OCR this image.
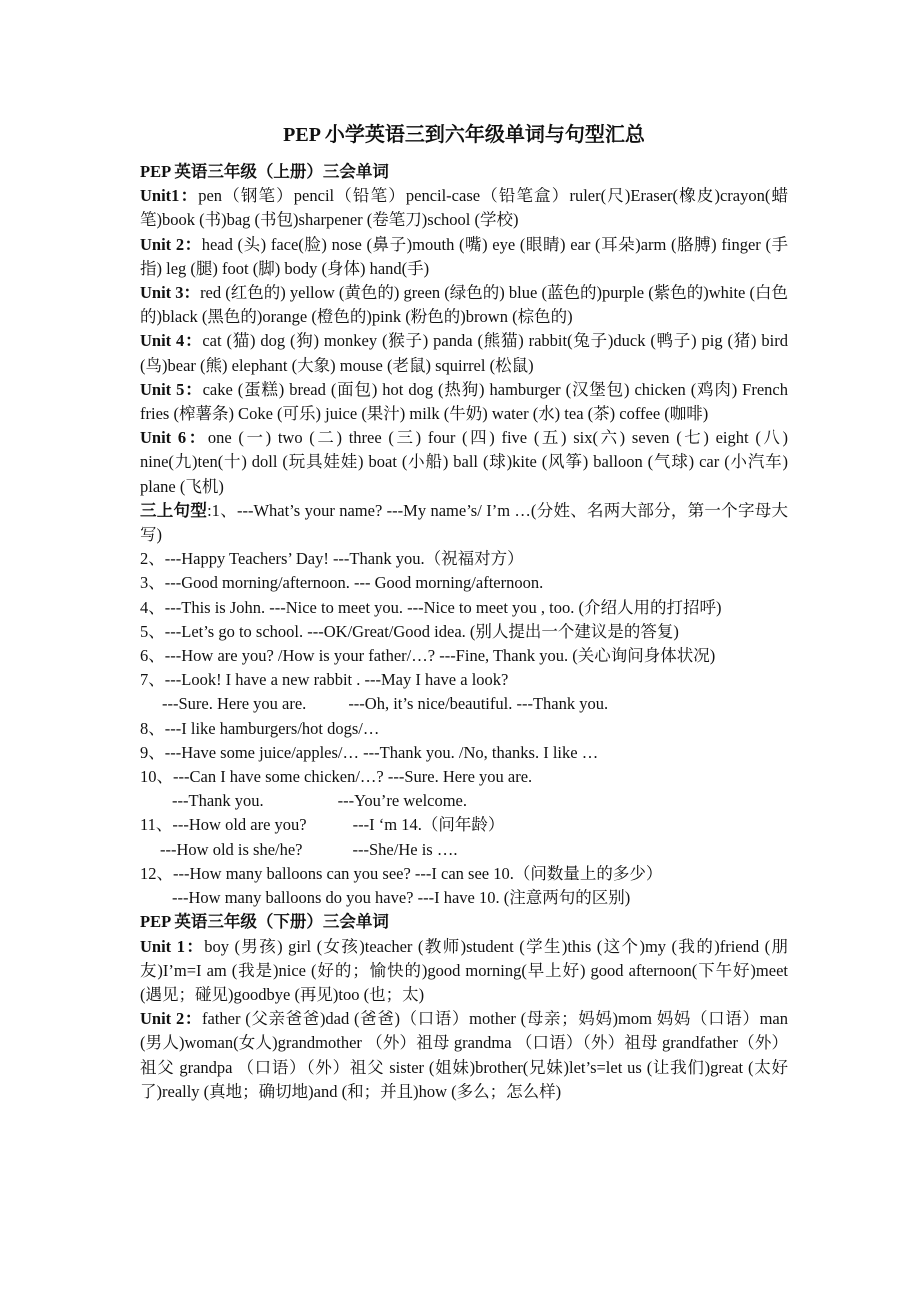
PEP 小学英语三到六年级单词与句型汇总
PEP 英语三年级（上册）三会单词
Unit1：pen（钢笔）pencil（铅笔）pencil-case（铅笔盒）ruler(尺)Eraser(橡皮)crayon(蜡笔)book (书)bag (书包)sharpener (卷笔刀)school (学校)
Unit 2：head (头) face(脸) nose (鼻子)mouth (嘴) eye (眼睛) ear (耳朵)arm (胳膊) finger (手指) leg (腿) foot (脚) body (身体) hand(手)
Unit 3：red (红色的) yellow (黄色的) green (绿色的) blue (蓝色的)purple (紫色的)white (白色的)black (黑色的)orange (橙色的)pink (粉色的)brown (棕色的)
Unit 4：cat (猫) dog (狗) monkey (猴子) panda (熊猫) rabbit(兔子)duck (鸭子) pig (猪) bird (鸟)bear (熊) elephant (大象) mouse (老鼠) squirrel (松鼠)
Unit 5：cake (蛋糕) bread (面包) hot dog (热狗) hamburger (汉堡包) chicken (鸡肉) French fries (榨薯条) Coke (可乐) juice (果汁) milk (牛奶) water (水) tea (茶) coffee (咖啡)
Unit 6：one (一) two (二) three (三) four (四) five (五) six(六) seven (七) eight (八) nine(九)ten(十) doll (玩具娃娃) boat (小船) ball (球)kite (风筝) balloon (气球) car (小汽车) plane (飞机)
三上句型:1、---What’s your name? ---My name’s/ I’m …(分姓、名两大部分，第一个字母大写)
2、---Happy Teachers’ Day! ---Thank you.（祝福对方）
3、---Good morning/afternoon. --- Good morning/afternoon.
4、---This is John. ---Nice to meet you. ---Nice to meet you , too. (介绍人用的打招呼)
5、---Let’s go to school. ---OK/Great/Good idea. (别人提出一个建议是的答复)
6、---How are you? /How is your father/…? ---Fine, Thank you. (关心询问身体状况)
7、---Look! I have a new rabbit . ---May I have a look?
---Sure. Here you are.	---Oh, it’s nice/beautiful. ---Thank you.
8、---I like hamburgers/hot dogs/…
9、---Have some juice/apples/… ---Thank you. /No, thanks. I like …
10、---Can I have some chicken/…? ---Sure. Here you are.
---Thank you.	---You’re welcome.
11、---How old are you?	---I ‘m 14.（问年龄）
---How old is she/he?	---She/He is ….
12、---How many balloons can you see? ---I can see 10.（问数量上的多少）
---How many balloons do you have? ---I have 10. (注意两句的区别)
PEP 英语三年级（下册）三会单词
Unit 1：boy (男孩) girl (女孩)teacher (教师)student (学生)this (这个)my (我的)friend (朋友)I’m=I am (我是)nice (好的；愉快的)good morning(早上好) good afternoon(下午好)meet (遇见；碰见)goodbye (再见)too (也；太)
Unit 2：father (父亲爸爸)dad (爸爸)（口语）mother (母亲；妈妈)mom 妈妈（口语）man (男人)woman(女人)grandmother （外）祖母 grandma （口语）（外）祖母 grandfather（外）祖父 grandpa （口语）（外）祖父 sister (姐妹)brother(兄妹)let’s=let us (让我们)great (太好了)really (真地；确切地)and (和；并且)how (多么；怎么样)
